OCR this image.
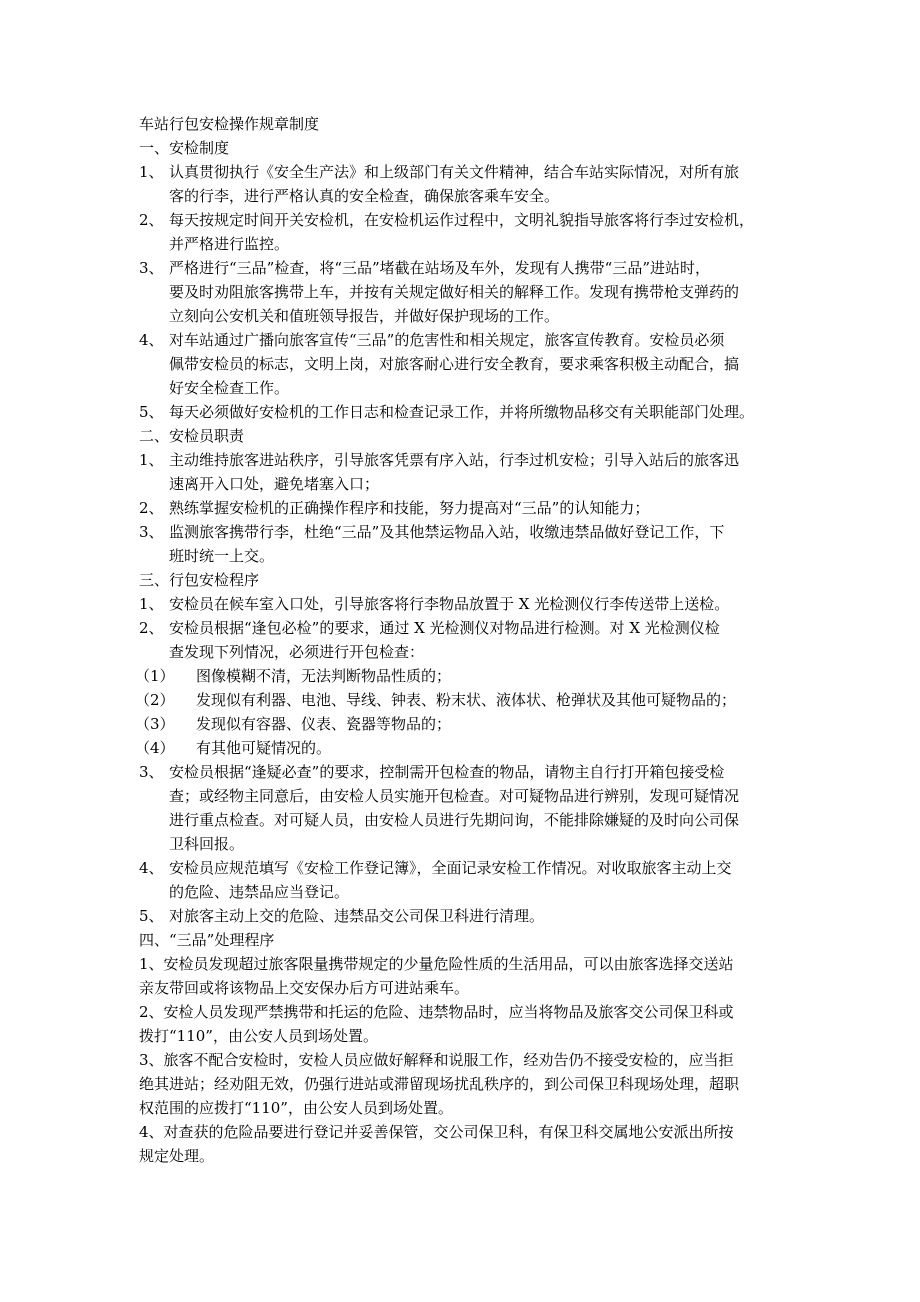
车站行包安检操作规章制度
一、安检制度
1、 认真贯彻执行《安全生产法》和上级部门有关文件精神，结合车站实际情况，对所有旅
客的行李，进行严格认真的安全检查，确保旅客乘车安全。
2、 每天按规定时间开关安检机，在安检机运作过程中，文明礼貌指导旅客将行李过安检机，
并严格进行监控。
3、 严格进行“三品”检查，将“三品”堵截在站场及车外，发现有人携带“三品”进站时，
要及时劝阻旅客携带上车，并按有关规定做好相关的解释工作。发现有携带枪支弹药的
立刻向公安机关和值班领导报告，并做好保护现场的工作。
4、 对车站通过广播向旅客宣传“三品”的危害性和相关规定，旅客宣传教育。安检员必须
佩带安检员的标志，文明上岗，对旅客耐心进行安全教育，要求乘客积极主动配合，搞
好安全检查工作。
5、 每天必须做好安检机的工作日志和检查记录工作，并将所缴物品移交有关职能部门处理。
二、安检员职责
1、 主动维持旅客进站秩序，引导旅客凭票有序入站，行李过机安检；引导入站后的旅客迅
速离开入口处，避免堵塞入口；
2、 熟练掌握安检机的正确操作程序和技能，努力提高对“三品”的认知能力；
3、 监测旅客携带行李，杜绝“三品”及其他禁运物品入站，收缴违禁品做好登记工作，下
班时统一上交。
三、行包安检程序
1、 安检员在候车室入口处，引导旅客将行李物品放置于 X 光检测仪行李传送带上送检。
2、 安检员根据“逢包必检”的要求，通过 X 光检测仪对物品进行检测。对 X 光检测仪检
查发现下列情况，必须进行开包检查：
（1） 图像模糊不清，无法判断物品性质的；
（2） 发现似有利器、电池、导线、钟表、粉末状、液体状、枪弹状及其他可疑物品的；
（3） 发现似有容器、仪表、瓷器等物品的；
（4） 有其他可疑情况的。
3、 安检员根据“逢疑必查”的要求，控制需开包检查的物品，请物主自行打开箱包接受检
查；或经物主同意后，由安检人员实施开包检查。对可疑物品进行辨别，发现可疑情况
进行重点检查。对可疑人员，由安检人员进行先期问询，不能排除嫌疑的及时向公司保
卫科回报。
4、 安检员应规范填写《安检工作登记簿》，全面记录安检工作情况。对收取旅客主动上交
的危险、违禁品应当登记。
5、 对旅客主动上交的危险、违禁品交公司保卫科进行清理。
四、“三品”处理程序
1、安检员发现超过旅客限量携带规定的少量危险性质的生活用品，可以由旅客选择交送站
亲友带回或将该物品上交安保办后方可进站乘车。
2、安检人员发现严禁携带和托运的危险、违禁物品时，应当将物品及旅客交公司保卫科或
拨打“110”，由公安人员到场处置。
3、旅客不配合安检时，安检人员应做好解释和说服工作，经劝告仍不接受安检的，应当拒
绝其进站；经劝阻无效，仍强行进站或滞留现场扰乱秩序的，到公司保卫科现场处理，超职
权范围的应拨打“110”，由公安人员到场处置。
4、对查获的危险品要进行登记并妥善保管，交公司保卫科，有保卫科交属地公安派出所按
规定处理。
